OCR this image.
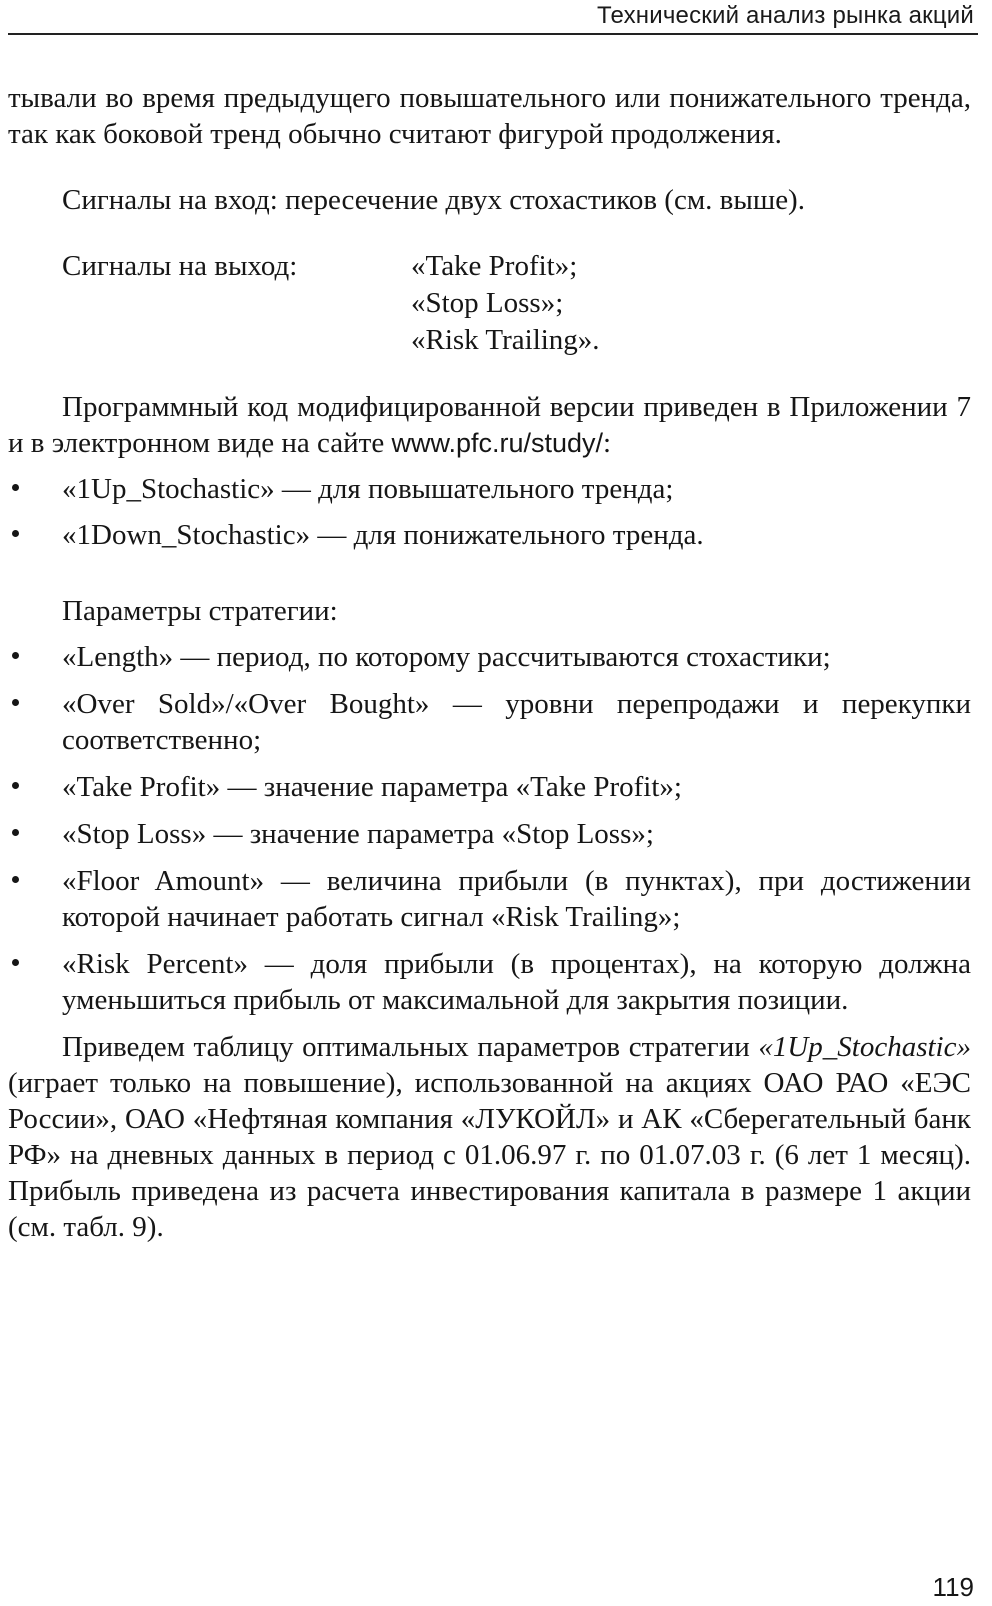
Технический анализ рынка акций

тывали во время предыдущего повышательного или понижательного тренда, так как боковой тренд обычно считают фигурой продолжения.

Сигналы на вход: пересечение двух стохастиков (см. выше).

Сигналы на выход:	«Take Profit»;
«Stop Loss»;
«Risk Trailing».

Программный код модифицированной версии приведен в Приложении 7 и в электронном виде на сайте www.pfc.ru/study/:

«1Up_Stochastic» — для повышательного тренда;
«1Down_Stochastic» — для понижательного тренда.

Параметры стратегии:

«Length» — период, по которому рассчитываются стохастики;
«Over Sold»/«Over Bought» — уровни перепродажи и перекупки соответственно;
«Take Profit» — значение параметра «Take Profit»;
«Stop Loss» — значение параметра «Stop Loss»;
«Floor Amount» — величина прибыли (в пунктах), при достижении которой начинает работать сигнал «Risk Trailing»;
«Risk Percent» — доля прибыли (в процентах), на которую должна уменьшиться прибыль от максимальной для закрытия позиции.

Приведем таблицу оптимальных параметров стратегии «1Up_Stochastic» (играет только на повышение), использованной на акциях ОАО РАО «ЕЭС России», ОАО «Нефтяная компания «ЛУКОЙЛ» и АК «Сберегательный банк РФ» на дневных данных в период с 01.06.97 г. по 01.07.03 г. (6 лет 1 месяц). Прибыль приведена из расчета инвестирования капитала в размере 1 акции (см. табл. 9).

119
